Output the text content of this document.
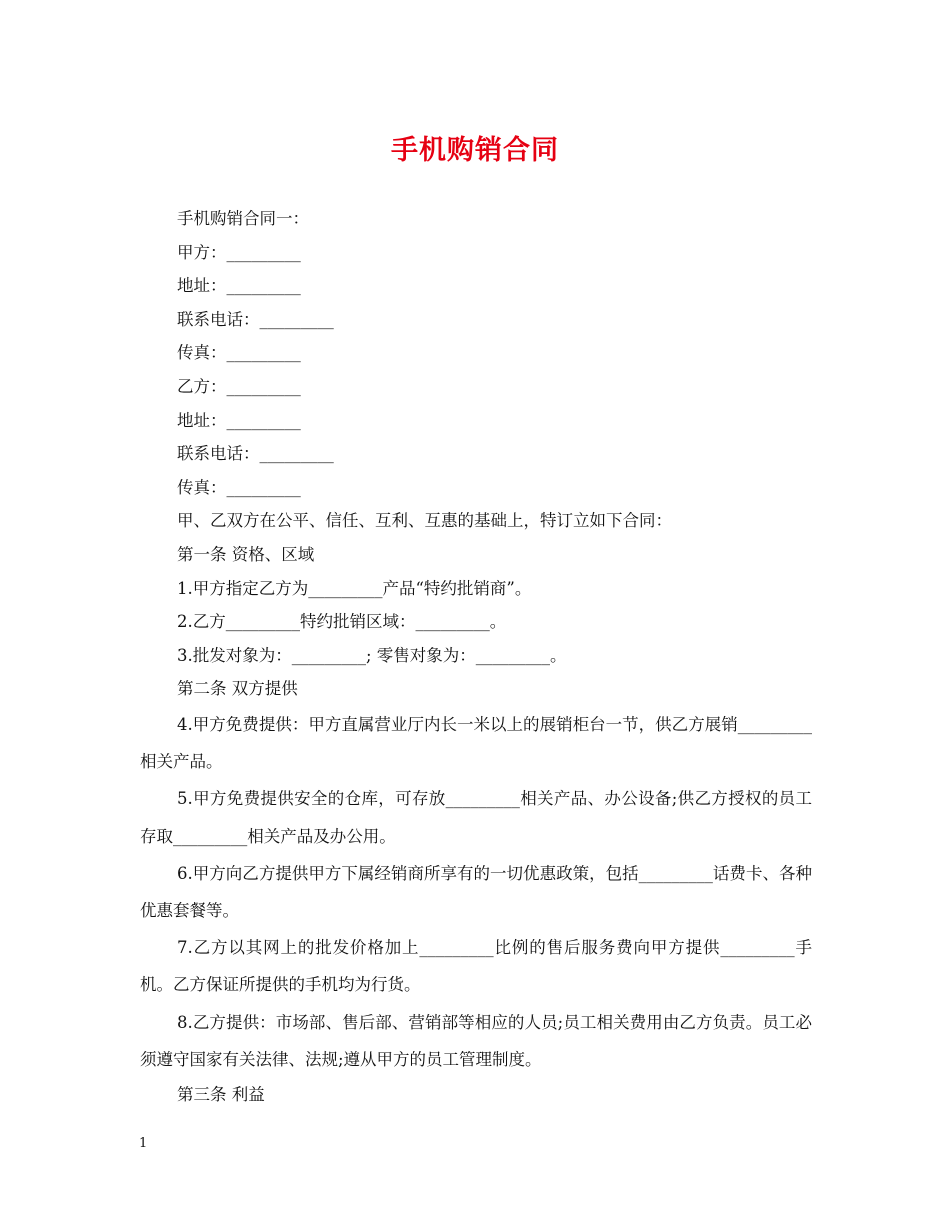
手机购销合同
手机购销合同一：
甲方：_________
地址：_________
联系电话：_________
传真：_________
乙方：_________
地址：_________
联系电话：_________
传真：_________
甲、乙双方在公平、信任、互利、互惠的基础上，特订立如下合同：
第一条 资格、区域
1.甲方指定乙方为_________产品“特约批销商”。
2.乙方_________特约批销区域：_________。
3.批发对象为：_________; 零售对象为：_________。
第二条 双方提供
4.甲方免费提供：甲方直属营业厅内长一米以上的展销柜台一节，供乙方展销_________相关产品。
5.甲方免费提供安全的仓库，可存放_________相关产品、办公设备;供乙方授权的员工存取_________相关产品及办公用。
6.甲方向乙方提供甲方下属经销商所享有的一切优惠政策，包括_________话费卡、各种优惠套餐等。
7.乙方以其网上的批发价格加上_________比例的售后服务费向甲方提供_________手机。乙方保证所提供的手机均为行货。
8.乙方提供：市场部、售后部、营销部等相应的人员;员工相关费用由乙方负责。员工必须遵守国家有关法律、法规;遵从甲方的员工管理制度。
第三条 利益
1
